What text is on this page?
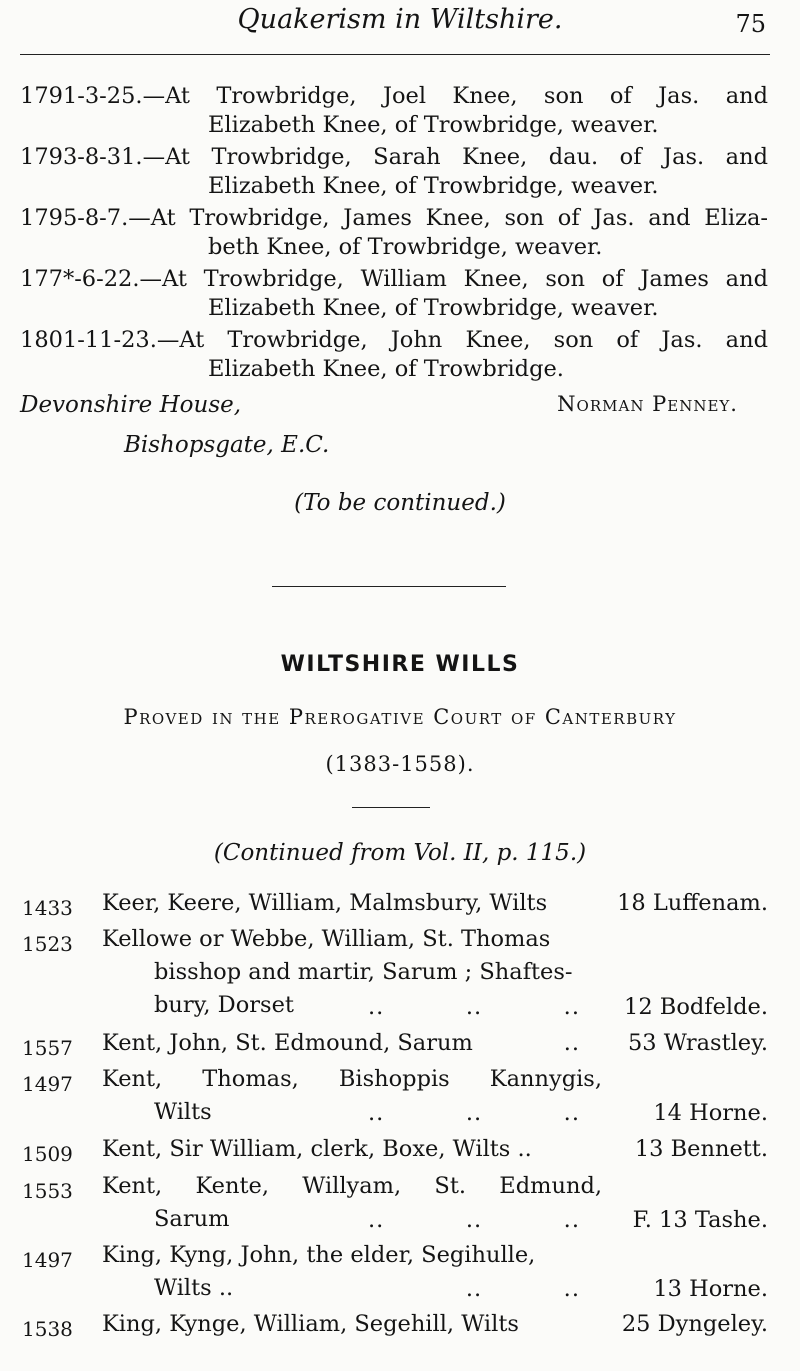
Quakerism in Wiltshire.	75
1791-3-25.—At Trowbridge, Joel Knee, son of Jas. and
Elizabeth Knee, of Trowbridge, weaver.
1793-8-31.—At Trowbridge, Sarah Knee, dau. of Jas. and
Elizabeth Knee, of Trowbridge, weaver.
1795-8-7.—At Trowbridge, James Knee, son of Jas. and Eliza-
beth Knee, of Trowbridge, weaver.
177*-6-22.—At Trowbridge, William Knee, son of James and
Elizabeth Knee, of Trowbridge, weaver.
1801-11-23.—At Trowbridge, John Knee, son of Jas. and
Elizabeth Knee, of Trowbridge.
Devonshire House,
Bishopsgate, E.C.
Norman Penney.
(To be continued.)
WILTSHIRE WILLS
Proved in the Prerogative Court of Canterbury
(1383-1558).
(Continued from Vol. II, p. 115.)
1433 Keer, Keere, William, Malmsbury, Wilts	18 Luffenam.
1523 Kellowe or Webbe, William, St. Thomas
bisshop and martir, Sarum ; Shaftes-
bury, Dorset	..          ..          .. 12 Bodfelde.
1557 Kent, John, St. Edmound, Sarum	.. 53 Wrastley.
1497 Kent, Thomas, Bishoppis Kannygis,
Wilts	..          ..          ..	14 Horne.
1509 Kent, Sir William, clerk, Boxe, Wilts ..	13 Bennett.
1553 Kent, Kente, Willyam, St. Edmund,
Sarum	..          ..          .. F. 13 Tashe.
1497 King, Kyng, John, the elder, Segihulle,
Wilts ..	..          ..	13 Horne.
1538 King, Kynge, William, Segehill, Wilts	25 Dyngeley.
